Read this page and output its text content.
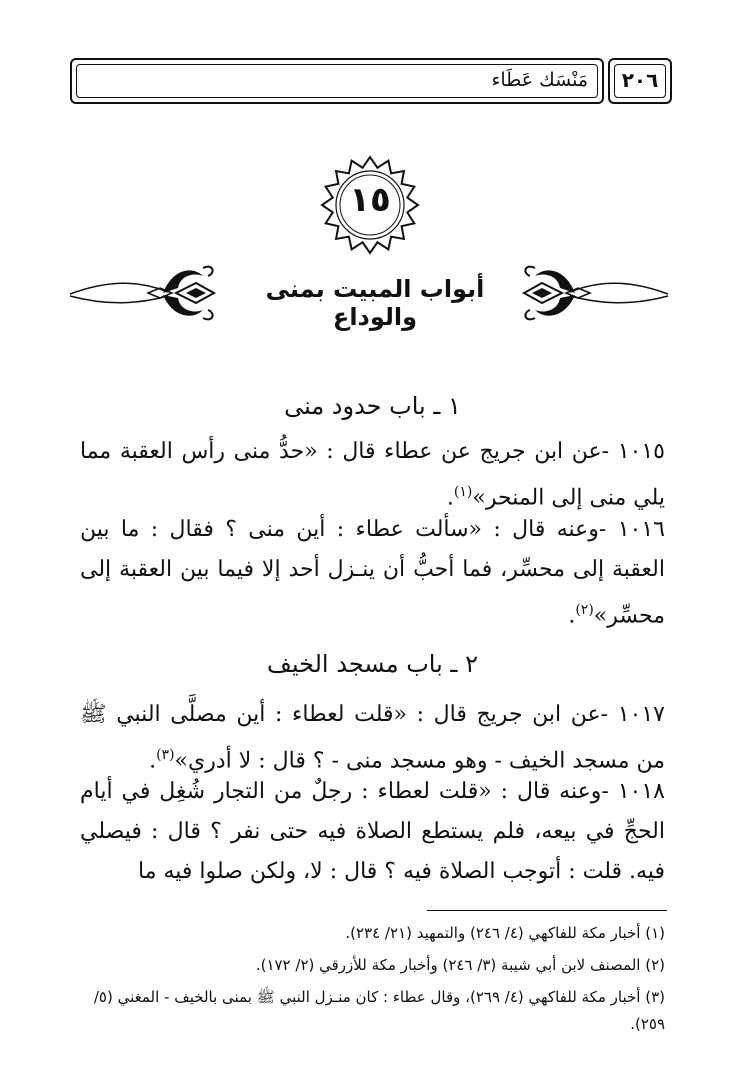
مَنْسَك عَطَاء	٢٠٦
١٥
أبواب المبيت بمنى والوداع
١ ـ باب حدود منى
١٠١٥ -عن ابن جريج عن عطاء قال : «حدُّ منى رأس العقبة مما يلي منى إلى المنحر»$^{(١)}$.
١٠١٦ -وعنه قال : «سألت عطاء : أين منى ؟ فقال : ما بين العقبة إلى محسِّر، فما أحبُّ أن ينـزل أحد إلا فيما بين العقبة إلى محسِّر»$^{(٢)}$.
٢ ـ باب مسجد الخيف
١٠١٧ -عن ابن جريج قال : «قلت لعطاء : أين مصلَّى النبي ﷺ من مسجد الخيف - وهو مسجد منى - ؟ قال : لا أدري»$^{(٣)}$.
١٠١٨ -وعنه قال : «قلت لعطاء : رجلٌ من التجار شُغِل في أيام الحجِّ في بيعه، فلم يستطع الصلاة فيه حتى نفر ؟ قال : فيصلي فيه. قلت : أتوجب الصلاة فيه ؟ قال : لا، ولكن صلوا فيه ما
(١) أخبار مكة للفاكهي (٤/ ٢٤٦) والتمهيد (٢١/ ٢٣٤).
(٢) المصنف لابن أبي شيبة (٣/ ٢٤٦) وأخبار مكة للأزرقي (٢/ ١٧٢).
(٣) أخبار مكة للفاكهي (٤/ ٢٦٩)، وقال عطاء : كان منـزل النبي ﷺ بمنى بالخيف - المغني (٥/ ٢٥٩).
